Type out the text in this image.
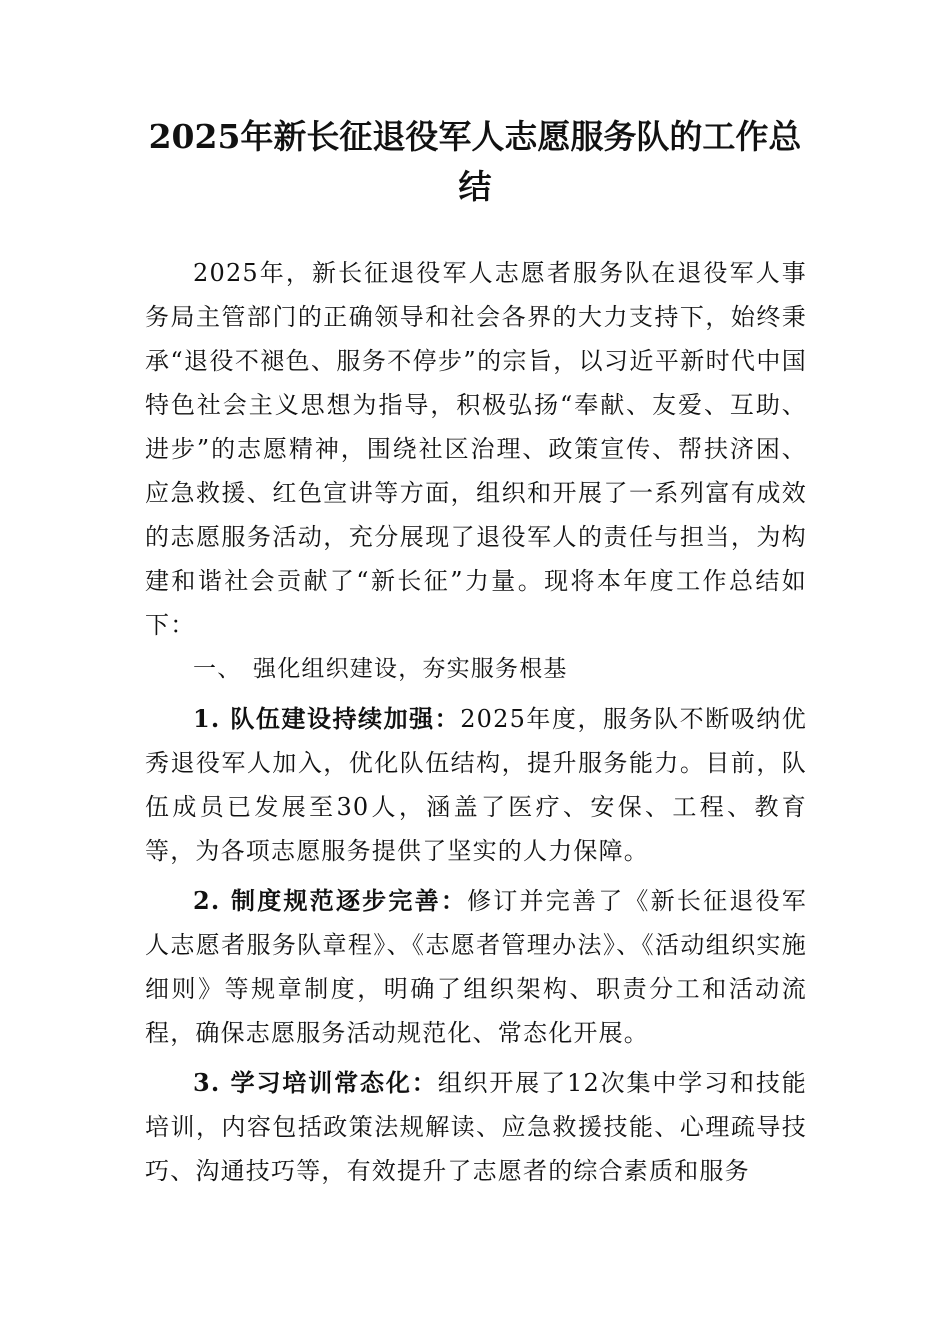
2025年新长征退役军人志愿服务队的工作总结

2025年，新长征退役军人志愿者服务队在退役军人事务局主管部门的正确领导和社会各界的大力支持下，始终秉承“退役不褪色、服务不停步”的宗旨，以习近平新时代中国特色社会主义思想为指导，积极弘扬“奉献、友爱、互助、进步”的志愿精神，围绕社区治理、政策宣传、帮扶济困、应急救援、红色宣讲等方面，组织和开展了一系列富有成效的志愿服务活动，充分展现了退役军人的责任与担当，为构建和谐社会贡献了“新长征”力量。现将本年度工作总结如下：

一、 强化组织建设，夯实服务根基

1. 队伍建设持续加强：2025年度，服务队不断吸纳优秀退役军人加入，优化队伍结构，提升服务能力。目前，队伍成员已发展至30人，涵盖了医疗、安保、工程、教育等，为各项志愿服务提供了坚实的人力保障。

2. 制度规范逐步完善：修订并完善了《新长征退役军人志愿者服务队章程》、《志愿者管理办法》、《活动组织实施细则》等规章制度，明确了组织架构、职责分工和活动流程，确保志愿服务活动规范化、常态化开展。

3. 学习培训常态化：组织开展了12次集中学习和技能培训，内容包括政策法规解读、应急救援技能、心理疏导技巧、沟通技巧等，有效提升了志愿者的综合素质和服务
